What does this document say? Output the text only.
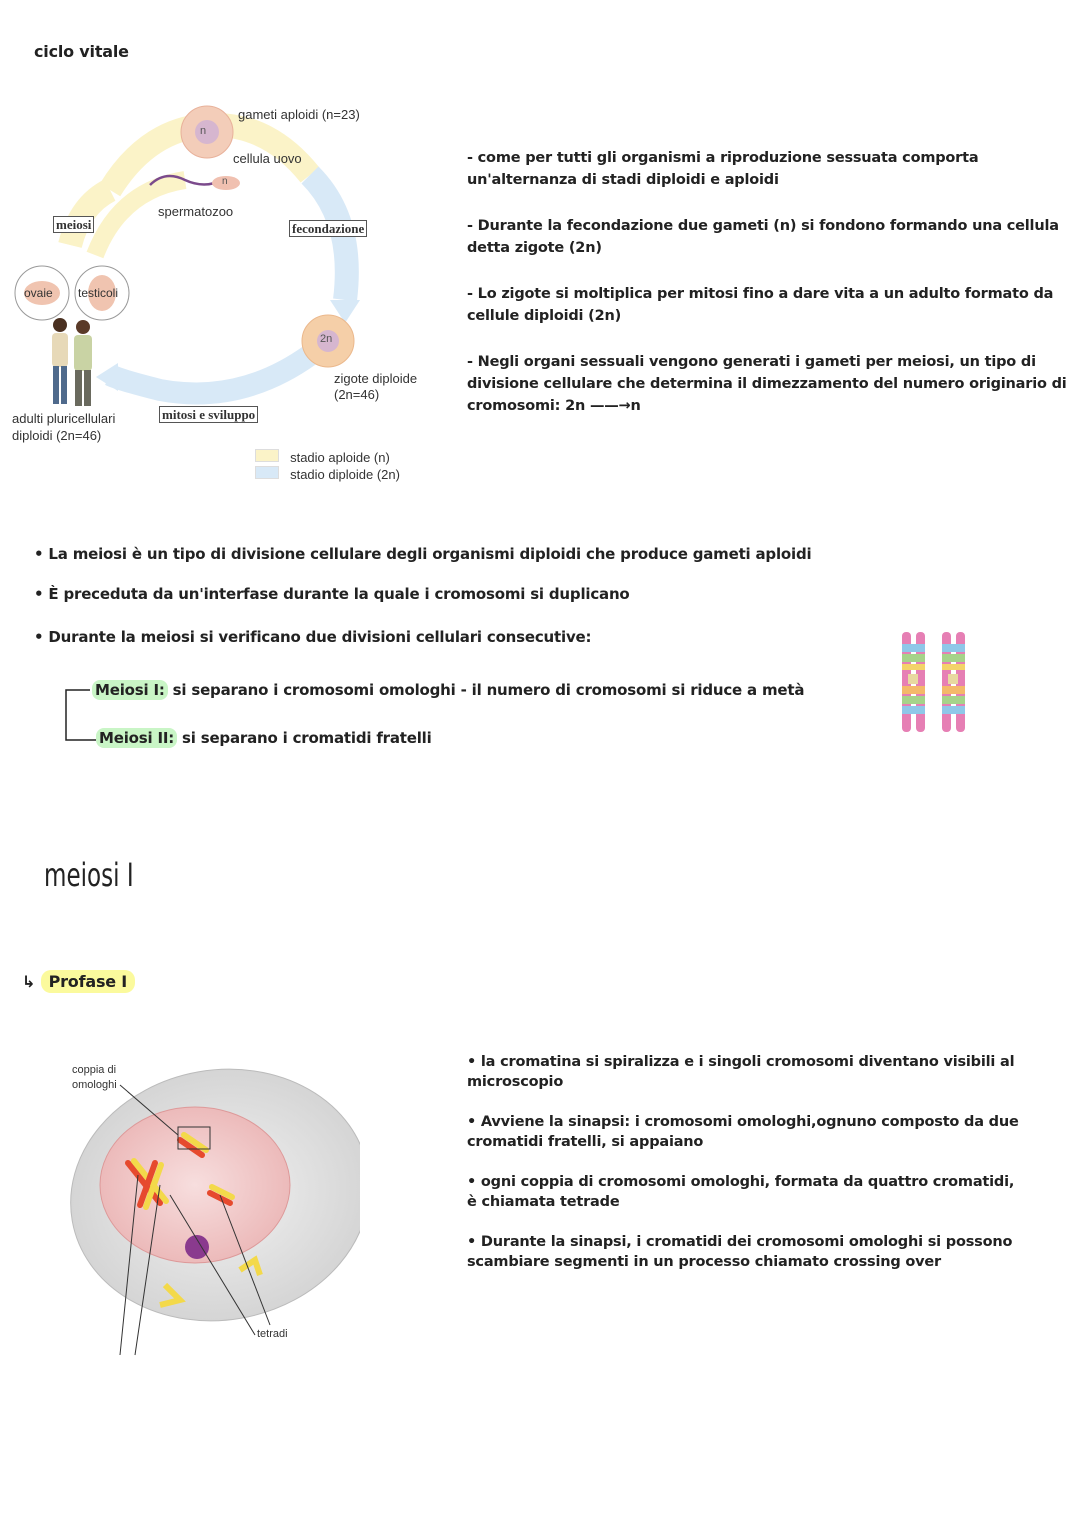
ciclo vitale
gameti aploidi (n=23)
cellula uovo
spermatozoo
n
n
2n
meiosi	fecondazione
ovaie testicoli
zigote diploide
(2n=46)
mitosi e sviluppo
adulti pluricellulari
diploidi (2n=46)
stadio aploide (n)
stadio diploide (2n)

- come per tutti gli organismi a riproduzione sessuata comporta un'alternanza di stadi diploidi e aploidi

- Durante la fecondazione due gameti (n) si fondono formando una cellula detta zigote (2n)

- Lo zigote si moltiplica per mitosi fino a dare vita a un adulto formato da cellule diploidi (2n)

- Negli organi sessuali vengono generati i gameti per meiosi, un tipo di divisione cellulare che determina il dimezzamento del numero originario di cromosomi: 2n ——→n

• La meiosi è un tipo di divisione cellulare degli organismi diploidi che produce gameti aploidi
• È preceduta da un'interfase durante la quale i cromosomi si duplicano
• Durante la meiosi si verificano due divisioni cellulari consecutive:
Meiosi I: si separano i cromosomi omologhi - il numero di cromosomi si riduce a metà
Meiosi II: si separano i cromatidi fratelli
meiosi I
↳ Profase I
coppia di
omologhi
tetradi

• la cromatina si spiralizza e i singoli cromosomi diventano visibili al microscopio

• Avviene la sinapsi: i cromosomi omologhi,ognuno composto da due cromatidi fratelli, si appaiano

• ogni coppia di cromosomi omologhi, formata da quattro cromatidi, è chiamata tetrade

• Durante la sinapsi, i cromatidi dei cromosomi omologhi si possono scambiare segmenti in un processo chiamato crossing over
